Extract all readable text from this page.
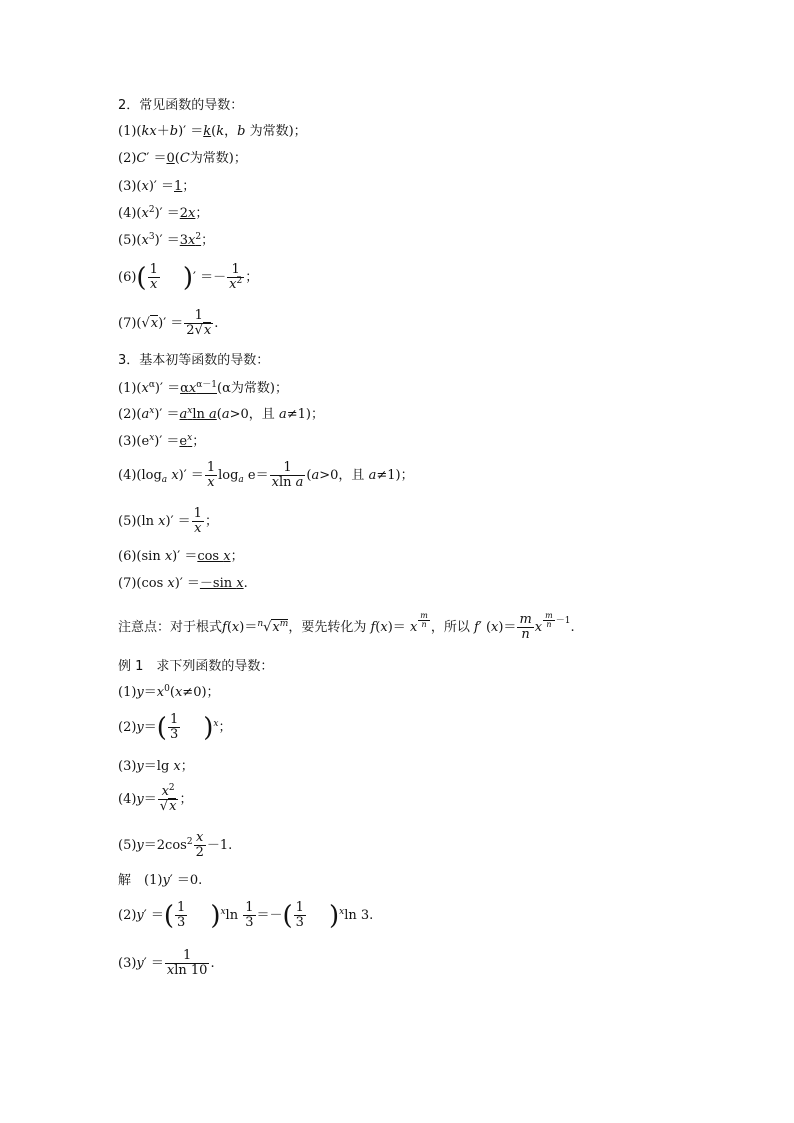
2．常见函数的导数：
(1)(kx＋b)′ ＝k(k，b 为常数)；
(2)C′ ＝0(C为常数)；
(3)(x)′ ＝1；
$(4)(x^2)' =2x$；
$(5)(x^3)' =3x^2$；
$(6)( \frac{1}{x}$ )′ ＝－ $\frac{1}{x^2}$ ；
$(7)(√x)' = \frac{1}{2√x}$ .
3．基本初等函数的导数：
$(1)(x^\alpha)' =\alpha x^{\alpha-1}(\alpha$为常数)；
$(2)(a^x)' =a^x\ln$ a(a>0，且 a≠1)；
$(3)(e^x)' =e^x$；
$(4)(\log_a$ $x)' = \frac{1}{x} \log_a e= \frac{1}{\text{xln a}} (a>0$，且 a≠1)；
(5)(ln $x)' = \frac{1}{x}$ ；
(6)(sin x)′ ＝cos x；
(7)(cos x)′ ＝－sin x.
注意点：对于根式$f(x)=^n√x^m$，要先转化为 f(x)＝ x $^{\frac{m}{n}}$ ，所以 f′ $(x)= \frac{m}{n}$ x $^{\frac{m}{n} -1}$.
例 1　求下列函数的导数：
$(1)y=x^0(x\ne 0)$；
$(2)y=( \frac{1}{3} )^x$；
(3)y＝lg x；
$(4)y= \frac{x^2}{√x}$ ；
$(5)y=2\cos^2 \frac{x}{2} -1$.
解　(1)y′ ＝0.
(2)y′ ＝( $\frac{1}{3} )^x\ln \frac{1}{3}$ ＝－( $\frac{1}{3} )^x\ln$ 3.
$(3)y' = \frac{1}{xln 10}$ .
